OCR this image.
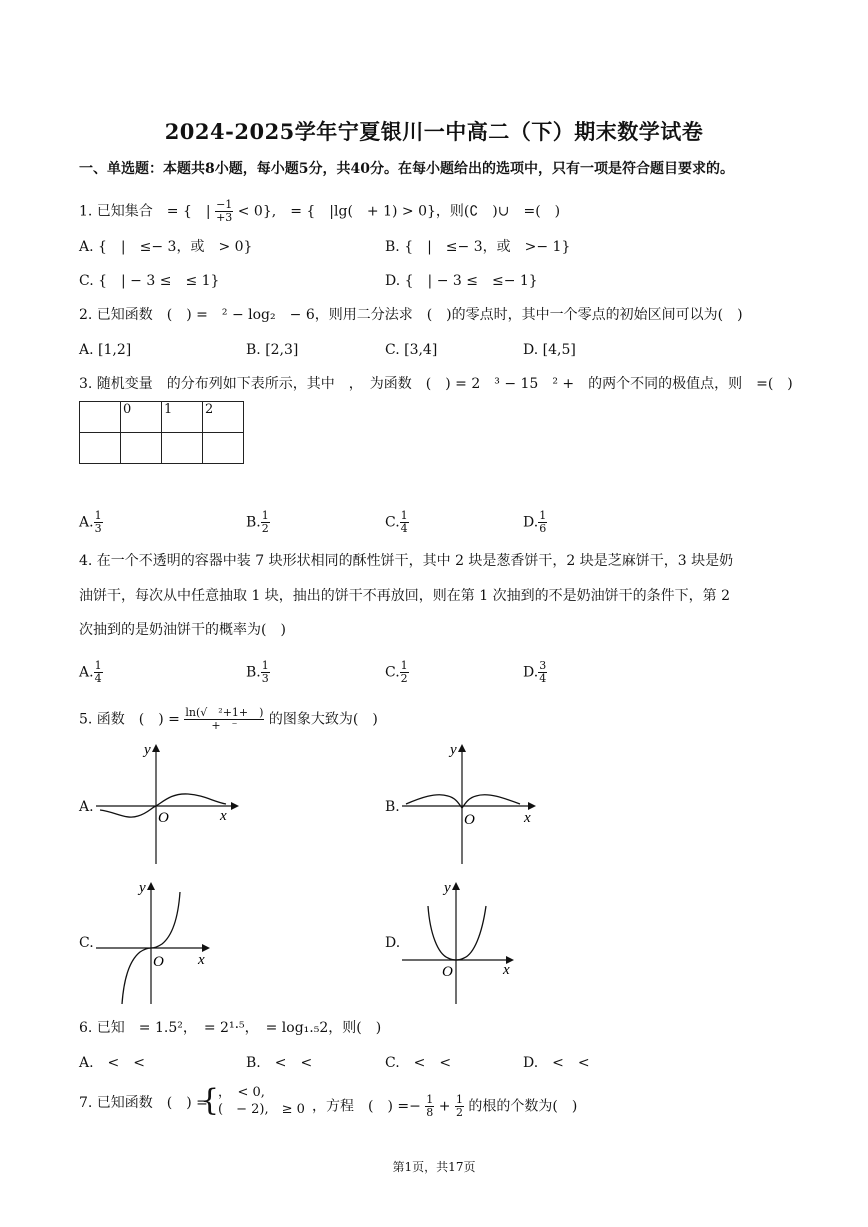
2024-2025学年宁夏银川一中高二（下）期末数学试卷
一、单选题：本题共8小题，每小题5分，共40分。在每小题给出的选项中，只有一项是符合题目要求的。
1. 已知集合　= {　| $\frac{-1}{+3} < 0$},　= {　|lg(　+ 1) > 0}，则(∁　)∪　=(　)
A. {　|　≤− 3，或　> 0}	B. {　|　≤− 3，或　>− 1}
C. {　| − 3 ≤　≤ 1}	D. {　| − 3 ≤　≤− 1}
2. 已知函数　(　) =　² − log₂　− 6，则用二分法求　(　)的零点时，其中一个零点的初始区间可以为(　)
A. [1,2]	B. [2,3]	C. [3,4]	D. [4,5]
3. 随机变量　的分布列如下表所示，其中　，　为函数　(　) = 2　³ − 15　² +　的两个不同的极值点，则　=(　)
	0	1	2

A. $\frac{1}{3}$	B. $\frac{1}{2}$	C. $\frac{1}{4}$	D. $\frac{1}{6}$
4. 在一个不透明的容器中装 7 块形状相同的酥性饼干，其中 2 块是葱香饼干，2 块是芝麻饼干，3 块是奶
油饼干，每次从中任意抽取 1 块，抽出的饼干不再放回，则在第 1 次抽到的不是奶油饼干的条件下，第 2
次抽到的是奶油饼干的概率为(　)
A. $\frac{1}{4}$	B. $\frac{1}{3}$	C. $\frac{1}{2}$	D. $\frac{3}{4}$
5. 函数　(　) = $\frac{\text{ln(√　²+1+　)}}{+ ^-}$ 的图象大致为(　)
A.
y
x
O
B.
y
x
O
C.
y
x
O
D.
y
x
O
6. 已知　= 1.5²，　= 2¹·⁵，　= log₁.₅2，则(　)
A.　<　<	B.　<　<	C.　<　<	D.　<　<
7. 已知函数　(　) =
{
，　< 0,
(　− 2),　≥ 0 ，方程　(　) =− $\frac{1}{8} + \frac{1}{2}$ 的根的个数为(　)
第1页，共17页
